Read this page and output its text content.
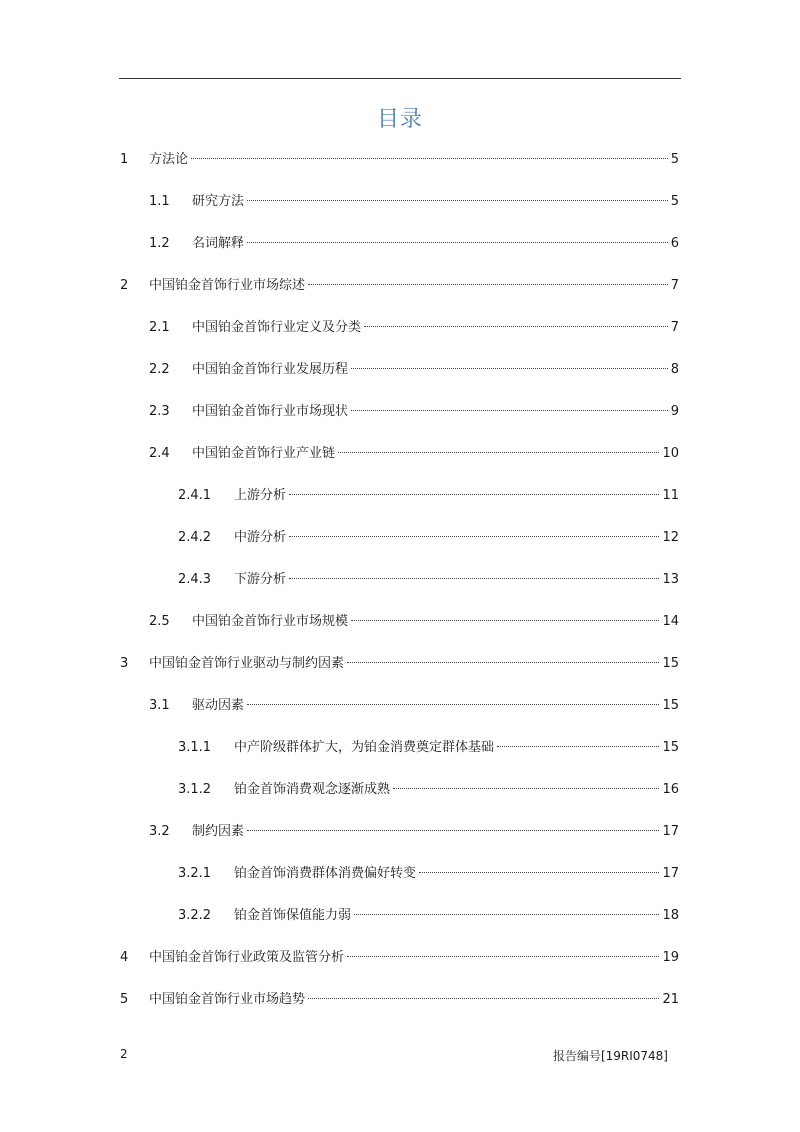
目录
1 方法论	5
1.1 研究方法	5
1.2 名词解释	6
2 中国铂金首饰行业市场综述	7
2.1 中国铂金首饰行业定义及分类	7
2.2 中国铂金首饰行业发展历程	8
2.3 中国铂金首饰行业市场现状	9
2.4 中国铂金首饰行业产业链	10
2.4.1 上游分析	11
2.4.2 中游分析	12
2.4.3 下游分析	13
2.5 中国铂金首饰行业市场规模	14
3 中国铂金首饰行业驱动与制约因素	15
3.1 驱动因素	15
3.1.1 中产阶级群体扩大，为铂金消费奠定群体基础	15
3.1.2 铂金首饰消费观念逐渐成熟	16
3.2 制约因素	17
3.2.1 铂金首饰消费群体消费偏好转变	17
3.2.2 铂金首饰保值能力弱	18
4 中国铂金首饰行业政策及监管分析	19
5 中国铂金首饰行业市场趋势	21
2	报告编号[19RI0748]
